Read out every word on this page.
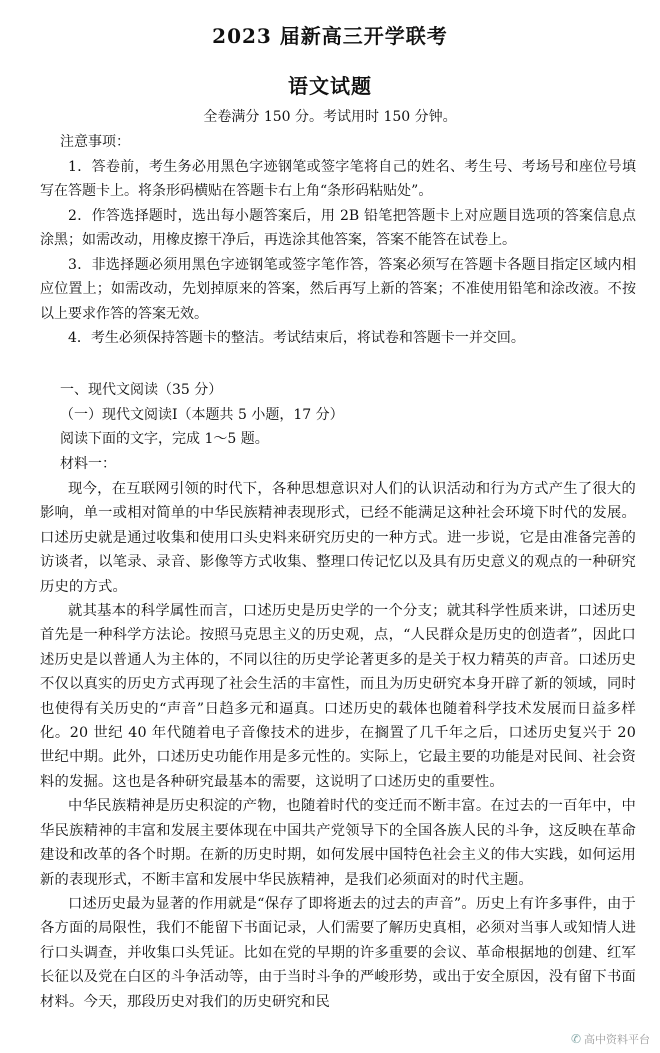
2023 届新高三开学联考
语文试题
全卷满分 150 分。考试用时 150 分钟。
注意事项：

1．答卷前，考生务必用黑色字迹钢笔或签字笔将自己的姓名、考生号、考场号和座位号填写在答题卡上。将条形码横贴在答题卡右上角“条形码粘贴处”。

2．作答选择题时，选出每小题答案后，用 2B 铅笔把答题卡上对应题目选项的答案信息点涂黑；如需改动，用橡皮擦干净后，再选涂其他答案，答案不能答在试卷上。

3．非选择题必须用黑色字迹钢笔或签字笔作答，答案必须写在答题卡各题目指定区域内相应位置上；如需改动，先划掉原来的答案，然后再写上新的答案；不准使用铅笔和涂改液。不按以上要求作答的答案无效。

4．考生必须保持答题卡的整洁。考试结束后，将试卷和答题卡一并交回。

一、现代文阅读（35 分）

（一）现代文阅读Ⅰ（本题共 5 小题，17 分）

阅读下面的文字，完成 1～5 题。

材料一：

现今，在互联网引领的时代下，各种思想意识对人们的认识活动和行为方式产生了很大的影响，单一或相对简单的中华民族精神表现形式，已经不能满足这种社会环境下时代的发展。口述历史就是通过收集和使用口头史料来研究历史的一种方式。进一步说，它是由准备完善的访谈者，以笔录、录音、影像等方式收集、整理口传记忆以及具有历史意义的观点的一种研究历史的方式。

就其基本的科学属性而言，口述历史是历史学的一个分支；就其科学性质来讲，口述历史首先是一种科学方法论。按照马克思主义的历史观，点，“人民群众是历史的创造者”，因此口述历史是以普通人为主体的，不同以往的历史学论著更多的是关于权力精英的声音。口述历史不仅以真实的历史方式再现了社会生活的丰富性，而且为历史研究本身开辟了新的领域，同时也使得有关历史的“声音”日趋多元和逼真。口述历史的载体也随着科学技术发展而日益多样化。20 世纪 40 年代随着电子音像技术的进步，在搁置了几千年之后，口述历史复兴于 20 世纪中期。此外，口述历史功能作用是多元性的。实际上，它最主要的功能是对民间、社会资料的发掘。这也是各种研究最基本的需要，这说明了口述历史的重要性。

中华民族精神是历史积淀的产物，也随着时代的变迁而不断丰富。在过去的一百年中，中华民族精神的丰富和发展主要体现在中国共产党领导下的全国各族人民的斗争，这反映在革命建设和改革的各个时期。在新的历史时期，如何发展中国特色社会主义的伟大实践，如何运用新的表现形式，不断丰富和发展中华民族精神，是我们必须面对的时代主题。

口述历史最为显著的作用就是“保存了即将逝去的过去的声音”。历史上有许多事件，由于各方面的局限性，我们不能留下书面记录，人们需要了解历史真相，必须对当事人或知情人进行口头调查，并收集口头凭证。比如在党的早期的许多重要的会议、革命根据地的创建、红军长征以及党在白区的斗争活动等，由于当时斗争的严峻形势，或出于安全原因，没有留下书面材料。今天，那段历史对我们的历史研究和民

✆ 高中资料平台
